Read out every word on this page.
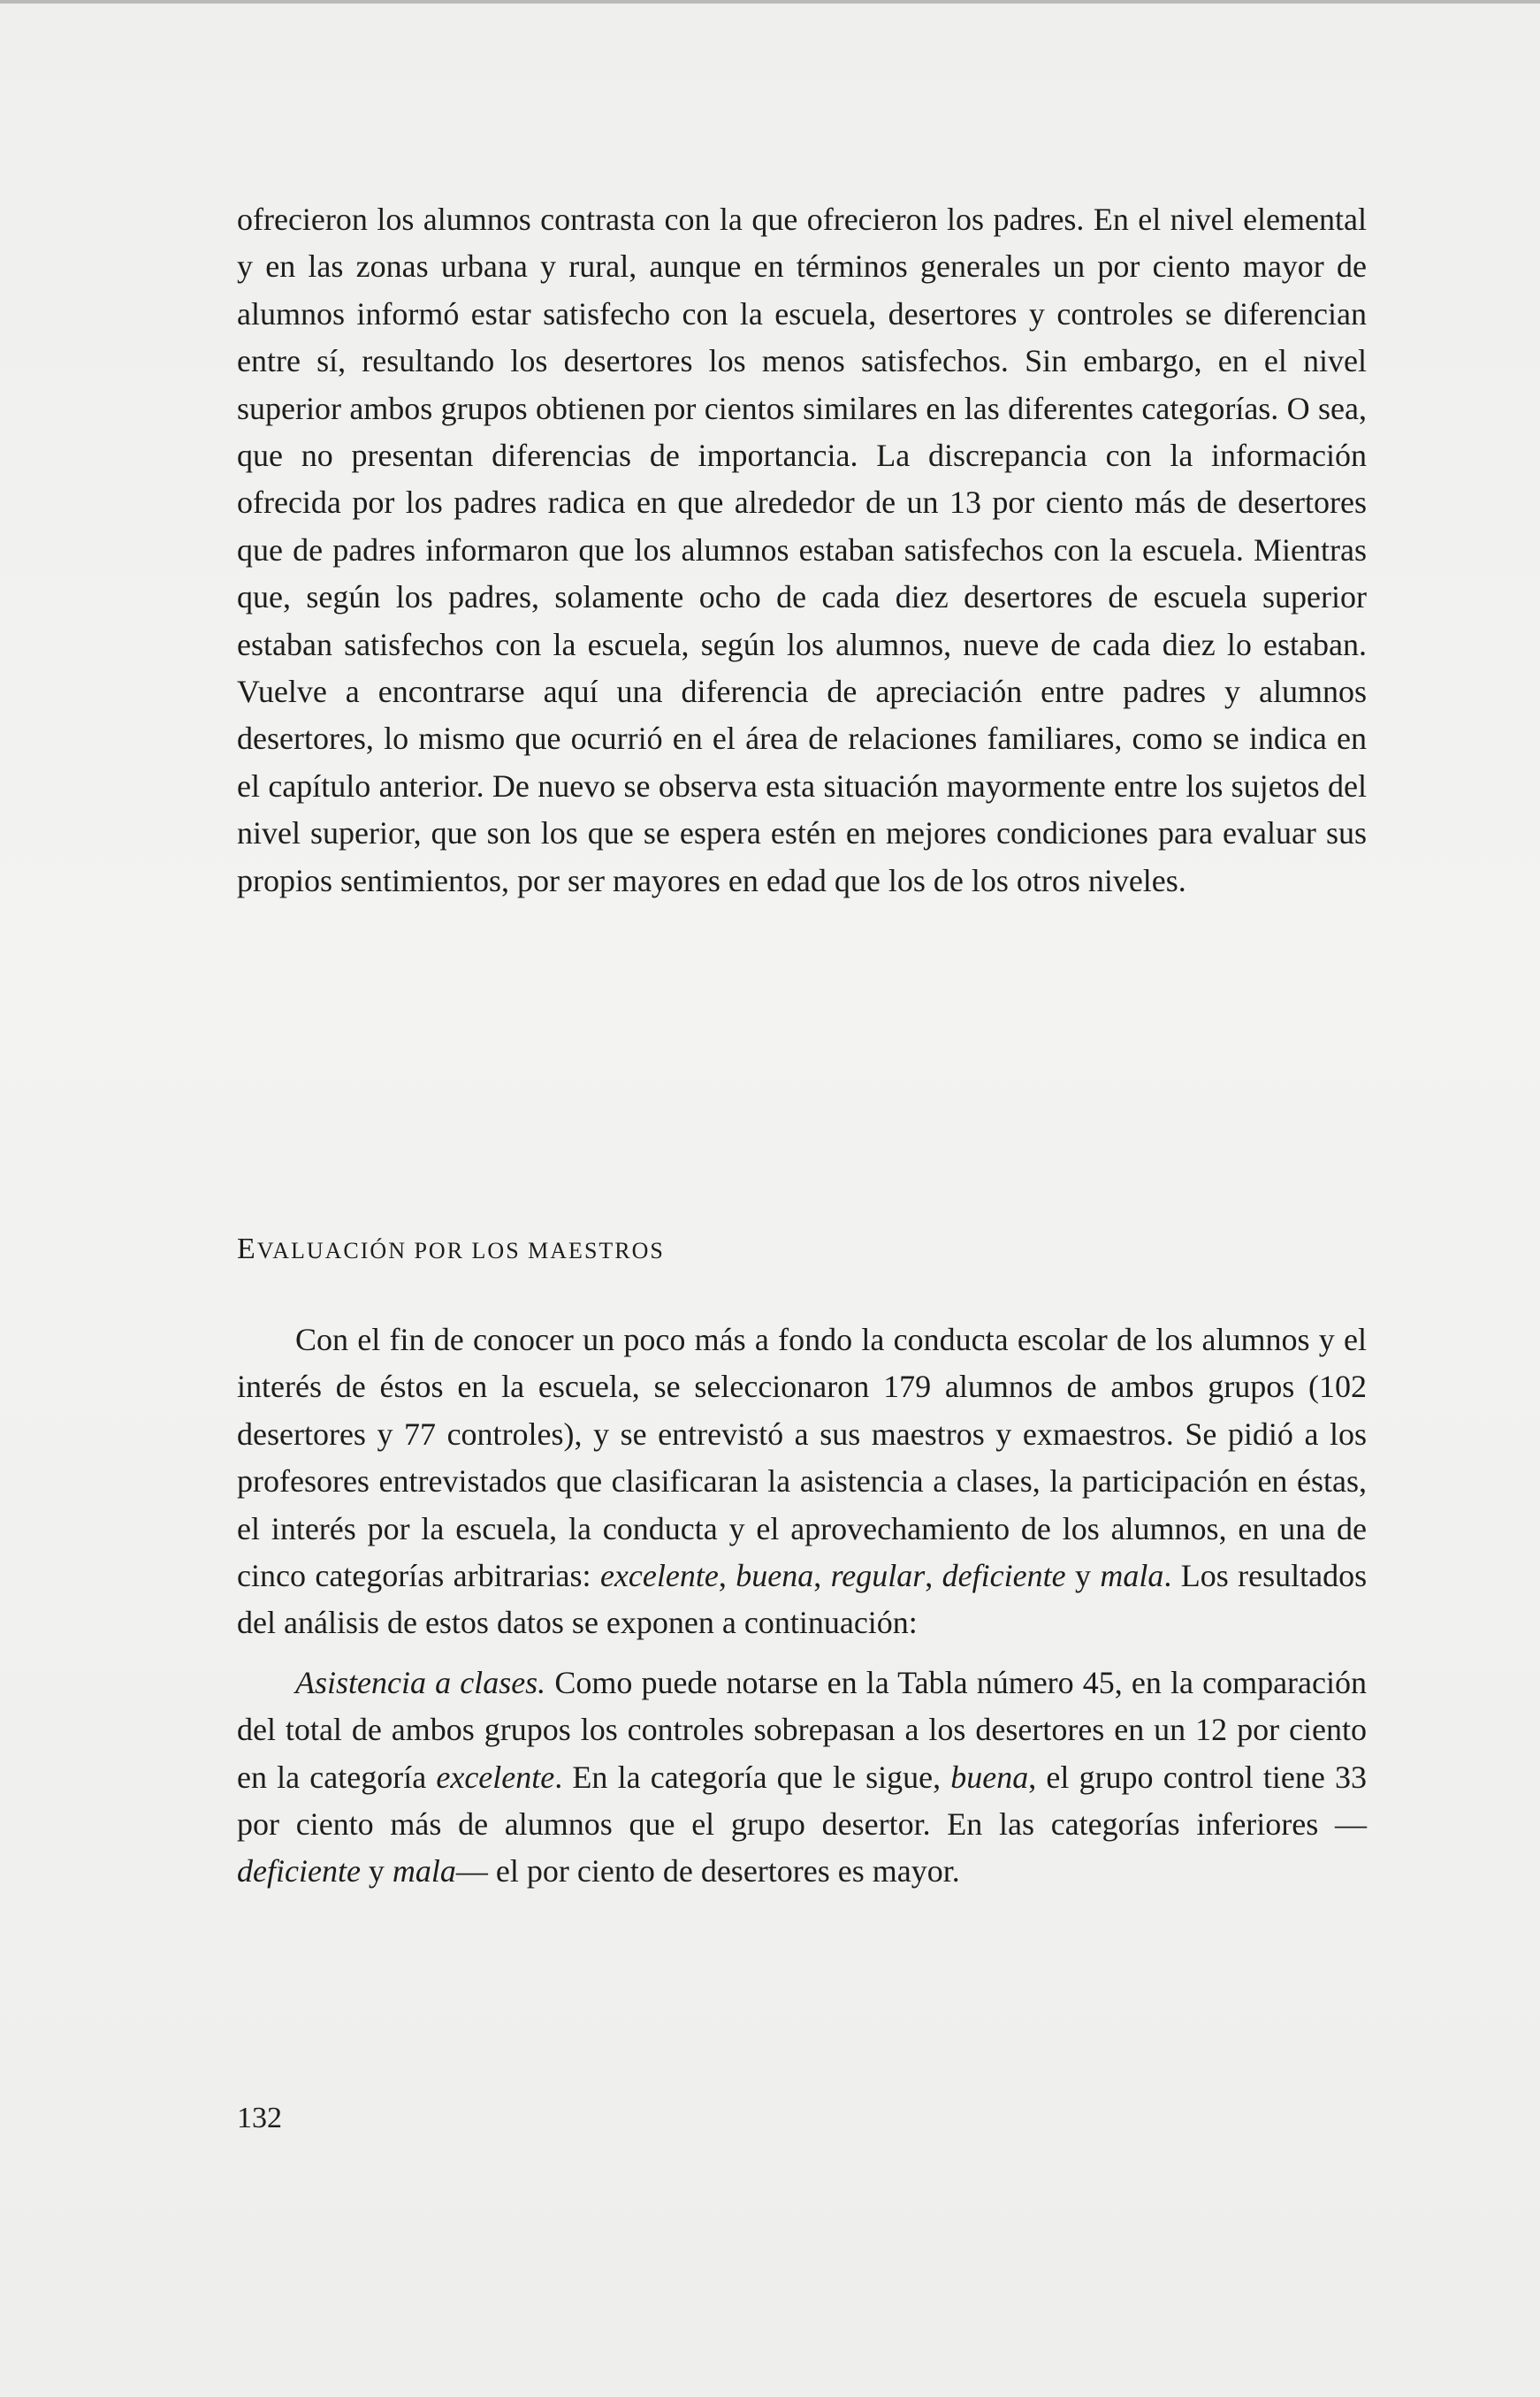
ofrecieron los alumnos contrasta con la que ofrecieron los padres. En el nivel elemental y en las zonas urbana y rural, aunque en términos generales un por ciento mayor de alumnos informó estar satisfecho con la escuela, desertores y controles se diferencian entre sí, resultando los desertores los menos satisfechos. Sin embargo, en el nivel superior ambos grupos obtienen por cientos similares en las diferentes categorías. O sea, que no presentan diferencias de importancia. La discrepancia con la información ofrecida por los padres radica en que alrededor de un 13 por ciento más de desertores que de padres informaron que los alumnos estaban satisfechos con la escuela. Mientras que, según los padres, solamente ocho de cada diez desertores de escuela superior estaban satisfechos con la escuela, según los alumnos, nueve de cada diez lo estaban. Vuelve a encontrarse aquí una diferencia de apreciación entre padres y alumnos desertores, lo mismo que ocurrió en el área de relaciones familiares, como se indica en el capítulo anterior. De nuevo se observa esta situación mayormente entre los sujetos del nivel superior, que son los que se espera estén en mejores condiciones para evaluar sus propios sentimientos, por ser mayores en edad que los de los otros niveles.

EVALUACIÓN POR LOS MAESTROS

Con el fin de conocer un poco más a fondo la conducta escolar de los alumnos y el interés de éstos en la escuela, se seleccionaron 179 alumnos de ambos grupos (102 desertores y 77 controles), y se entrevistó a sus maestros y exmaestros. Se pidió a los profesores entrevistados que clasificaran la asistencia a clases, la participación en éstas, el interés por la escuela, la conducta y el aprovechamiento de los alumnos, en una de cinco categorías arbitrarias: excelente, buena, regular, deficiente y mala. Los resultados del análisis de estos datos se exponen a continuación:

Asistencia a clases. Como puede notarse en la Tabla número 45, en la comparación del total de ambos grupos los controles sobrepasan a los desertores en un 12 por ciento en la categoría excelente. En la categoría que le sigue, buena, el grupo control tiene 33 por ciento más de alumnos que el grupo desertor. En las categorías inferiores —deficiente y mala— el por ciento de desertores es mayor.

132
